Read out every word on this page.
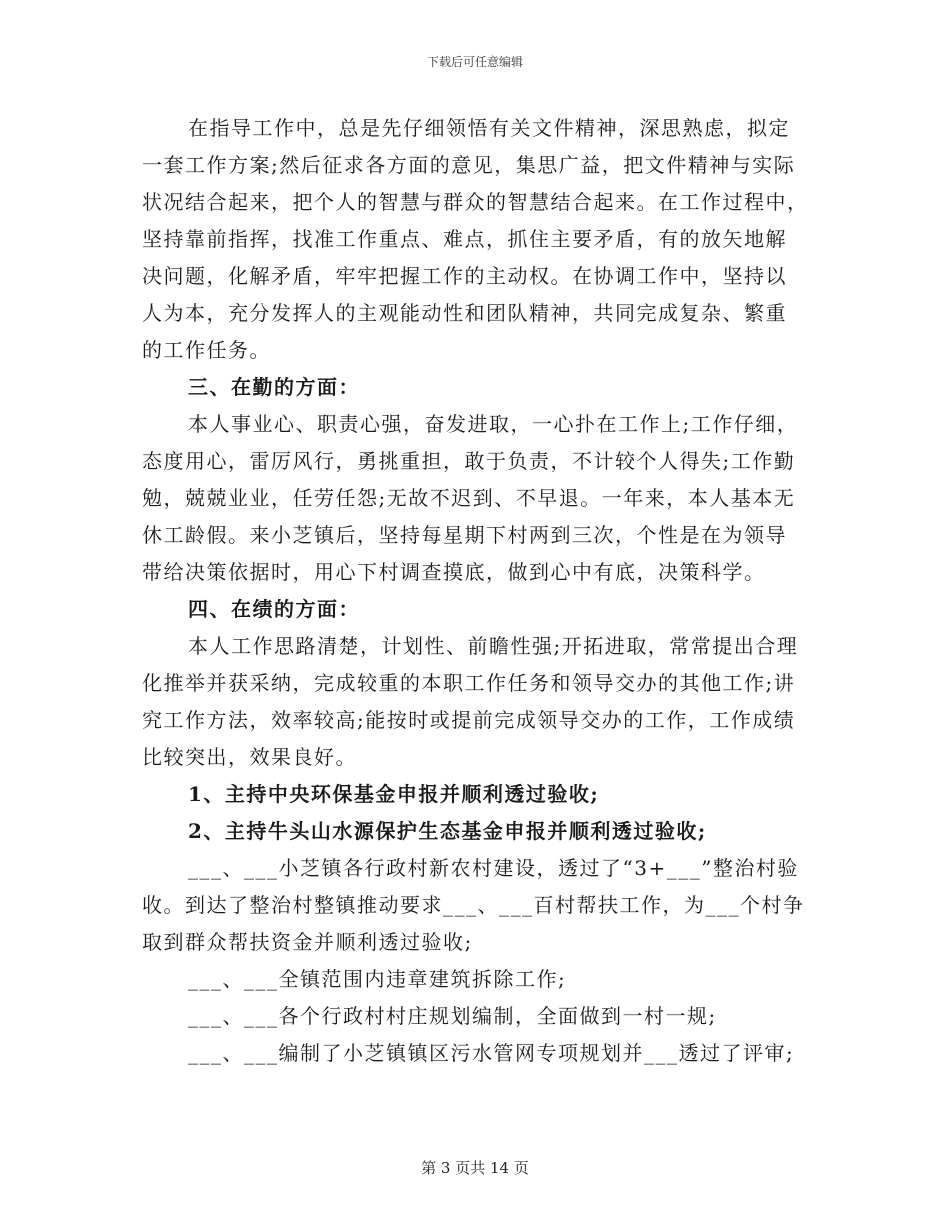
下载后可任意编辑
在指导工作中，总是先仔细领悟有关文件精神，深思熟虑，拟定
一套工作方案;然后征求各方面的意见，集思广益，把文件精神与实际
状况结合起来，把个人的智慧与群众的智慧结合起来。在工作过程中，
坚持靠前指挥，找准工作重点、难点，抓住主要矛盾，有的放矢地解
决问题，化解矛盾，牢牢把握工作的主动权。在协调工作中，坚持以
人为本，充分发挥人的主观能动性和团队精神，共同完成复杂、繁重
的工作任务。
三、在勤的方面：
本人事业心、职责心强，奋发进取，一心扑在工作上;工作仔细，
态度用心，雷厉风行，勇挑重担，敢于负责，不计较个人得失;工作勤
勉，兢兢业业，任劳任怨;无故不迟到、不早退。一年来，本人基本无
休工龄假。来小芝镇后，坚持每星期下村两到三次，个性是在为领导
带给决策依据时，用心下村调查摸底，做到心中有底，决策科学。
四、在绩的方面：
本人工作思路清楚，计划性、前瞻性强;开拓进取，常常提出合理
化推举并获采纳，完成较重的本职工作任务和领导交办的其他工作;讲
究工作方法，效率较高;能按时或提前完成领导交办的工作，工作成绩
比较突出，效果良好。
1、主持中央环保基金申报并顺利透过验收;
2、主持牛头山水源保护生态基金申报并顺利透过验收;
___、___小芝镇各行政村新农村建设，透过了“3+___”整治村验
收。到达了整治村整镇推动要求___、___百村帮扶工作，为___个村争
取到群众帮扶资金并顺利透过验收;
___、___全镇范围内违章建筑拆除工作;
___、___各个行政村村庄规划编制，全面做到一村一规;
___、___编制了小芝镇镇区污水管网专项规划并___透过了评审;
第 3 页共 14 页
